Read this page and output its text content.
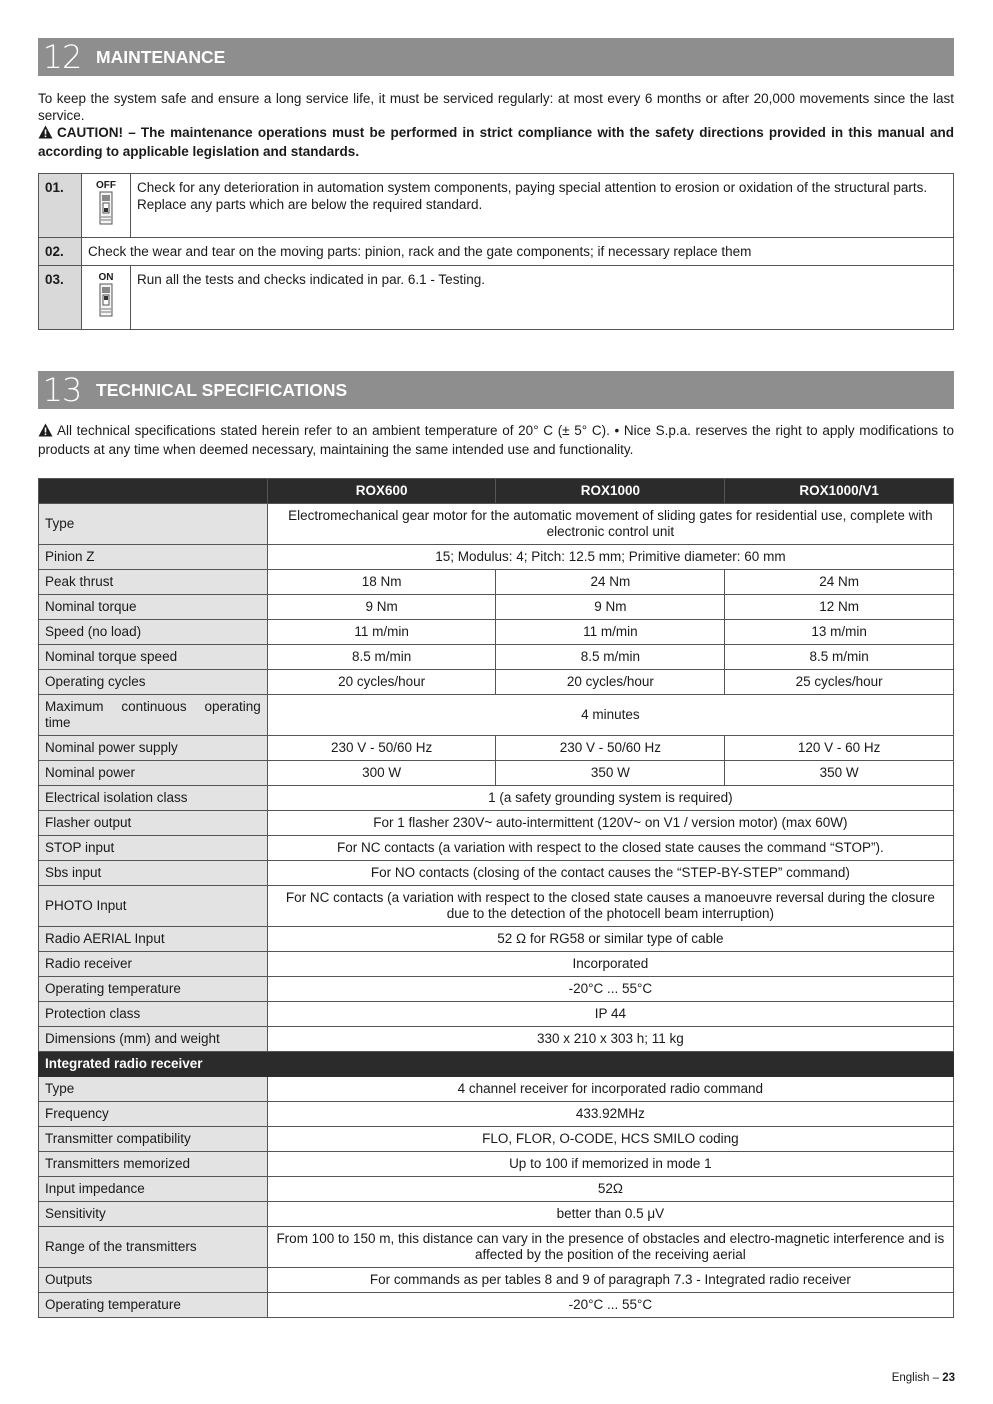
12 MAINTENANCE

To keep the system safe and ensure a long service life, it must be serviced regularly: at most every 6 months or after 20,000 movements since the last service.

CAUTION! – The maintenance operations must be performed in strict compliance with the safety directions provided in this manual and according to applicable legislation and standards.

01.	OFF	Check for any deterioration in automation system components, paying special attention to erosion or oxidation of the structural parts. Replace any parts which are below the required standard.
02.	Check the wear and tear on the moving parts: pinion, rack and the gate components; if necessary replace them	
03.	ON	Run all the tests and checks indicated in par. 6.1 - Testing.
13 TECHNICAL SPECIFICATIONS

All technical specifications stated herein refer to an ambient temperature of 20° C (± 5° C). • Nice S.p.a. reserves the right to apply modifications to products at any time when deemed necessary, maintaining the same intended use and functionality.

	ROX600	ROX1000	ROX1000/V1
Type	Electromechanical gear motor for the automatic movement of sliding gates for residential use, complete with electronic control unit		
Pinion Z	15; Modulus: 4; Pitch: 12.5 mm; Primitive diameter: 60 mm		
Peak thrust	18 Nm	24 Nm	24 Nm
Nominal torque	9 Nm	9 Nm	12 Nm
Speed (no load)	11 m/min	11 m/min	13 m/min
Nominal torque speed	8.5 m/min	8.5 m/min	8.5 m/min
Operating cycles	20 cycles/hour	20 cycles/hour	25 cycles/hour
Maximum continuous operating time	4 minutes		
Nominal power supply	230 V - 50/60 Hz	230 V - 50/60 Hz	120 V - 60 Hz
Nominal power	300 W	350 W	350 W
Electrical isolation class	1 (a safety grounding system is required)		
Flasher output	For 1 flasher 230V~ auto-intermittent (120V~ on V1 / version motor) (max 60W)		
STOP input	For NC contacts (a variation with respect to the closed state causes the command “STOP”).		
Sbs input	For NO contacts (closing of the contact causes the “STEP-BY-STEP” command)		
PHOTO Input	For NC contacts (a variation with respect to the closed state causes a manoeuvre reversal during the closure due to the detection of the photocell beam interruption)		
Radio AERIAL Input	52 Ω for RG58 or similar type of cable		
Radio receiver	Incorporated		
Operating temperature	-20°C ... 55°C		
Protection class	IP 44		
Dimensions (mm) and weight	330 x 210 x 303 h; 11 kg		
Integrated radio receiver			
Type	4 channel receiver for incorporated radio command		
Frequency	433.92MHz		
Transmitter compatibility	FLO, FLOR, O-CODE, HCS SMILO coding		
Transmitters memorized	Up to 100 if memorized in mode 1		
Input impedance	52Ω		
Sensitivity	better than 0.5 μV		
Range of the transmitters	From 100 to 150 m, this distance can vary in the presence of obstacles and electro-magnetic interference and is affected by the position of the receiving aerial		
Outputs	For commands as per tables 8 and 9 of paragraph 7.3 - Integrated radio receiver		
Operating temperature	-20°C ... 55°C		
English – 23
